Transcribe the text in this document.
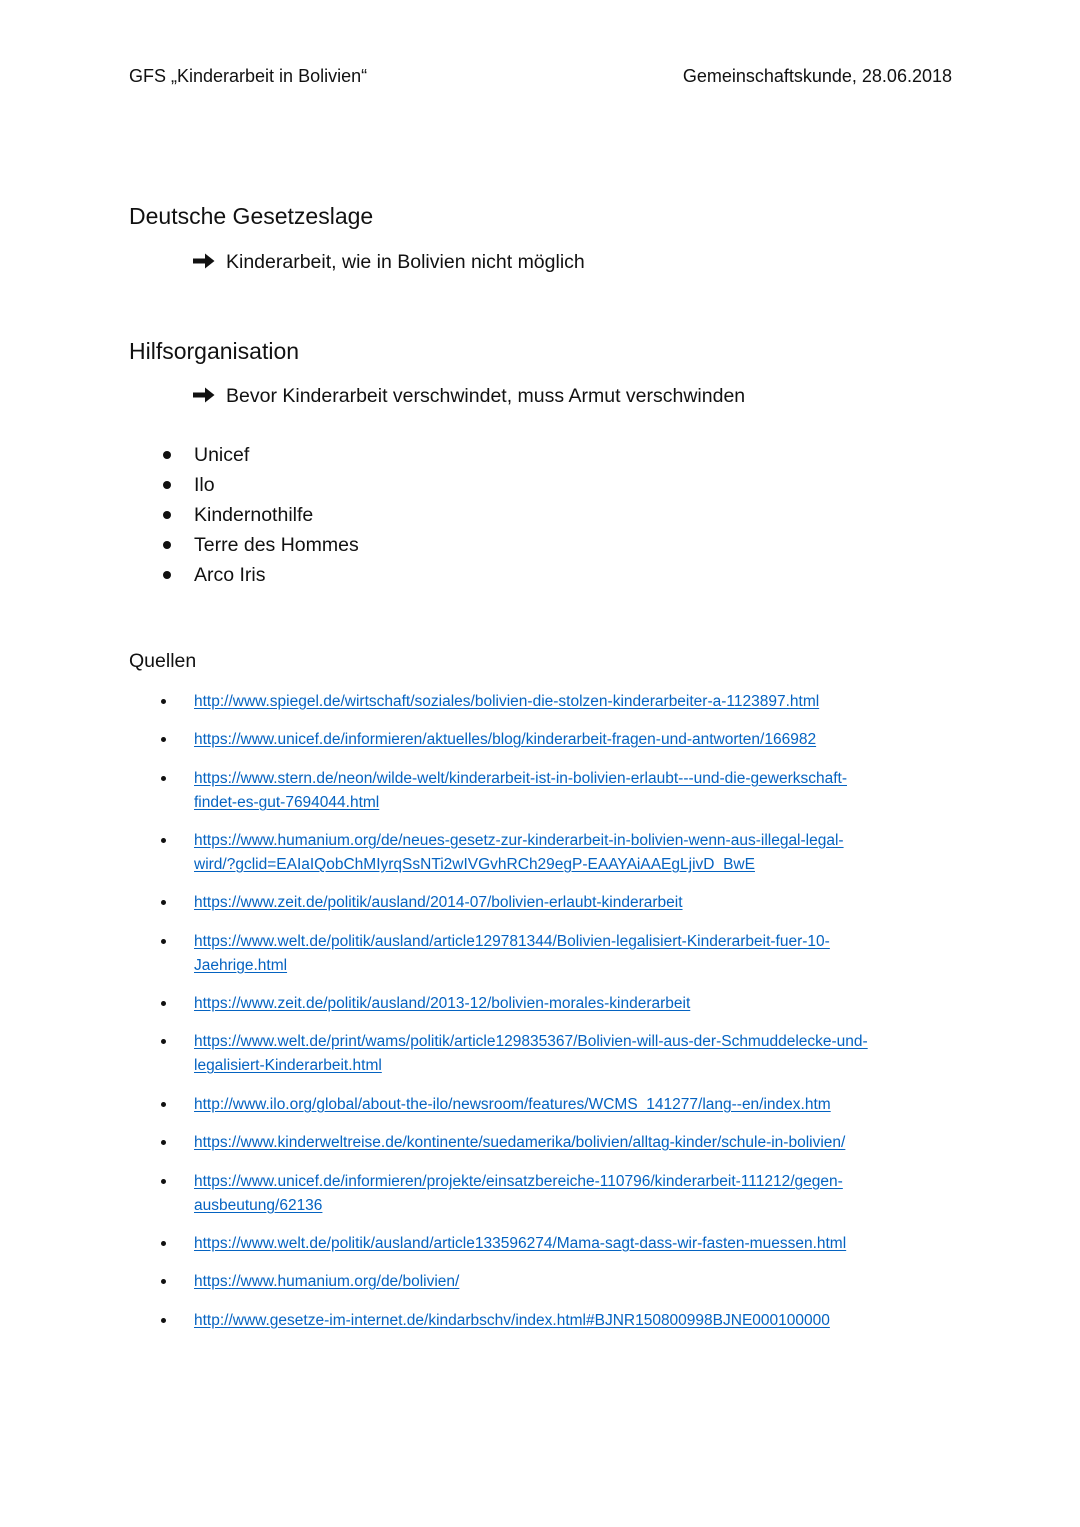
GFS „Kinderarbeit in Bolivien“	Gemeinschaftskunde, 28.06.2018
Deutsche Gesetzeslage
Kinderarbeit, wie in Bolivien nicht möglich
Hilfsorganisation
Bevor Kinderarbeit verschwindet, muss Armut verschwinden
Unicef
Ilo
Kindernothilfe
Terre des Hommes
Arco Iris
Quellen
http://www.spiegel.de/wirtschaft/soziales/bolivien-die-stolzen-kinderarbeiter-a-1123897.html
https://www.unicef.de/informieren/aktuelles/blog/kinderarbeit-fragen-und-antworten/166982
https://www.stern.de/neon/wilde-welt/kinderarbeit-ist-in-bolivien-erlaubt---und-die-gewerkschaft-
findet-es-gut-7694044.html
https://www.humanium.org/de/neues-gesetz-zur-kinderarbeit-in-bolivien-wenn-aus-illegal-legal-
wird/?gclid=EAIaIQobChMIyrqSsNTi2wIVGvhRCh29egP-EAAYAiAAEgLjivD_BwE
https://www.zeit.de/politik/ausland/2014-07/bolivien-erlaubt-kinderarbeit
https://www.welt.de/politik/ausland/article129781344/Bolivien-legalisiert-Kinderarbeit-fuer-10-
Jaehrige.html
https://www.zeit.de/politik/ausland/2013-12/bolivien-morales-kinderarbeit
https://www.welt.de/print/wams/politik/article129835367/Bolivien-will-aus-der-Schmuddelecke-und-
legalisiert-Kinderarbeit.html
http://www.ilo.org/global/about-the-ilo/newsroom/features/WCMS_141277/lang--en/index.htm
https://www.kinderweltreise.de/kontinente/suedamerika/bolivien/alltag-kinder/schule-in-bolivien/
https://www.unicef.de/informieren/projekte/einsatzbereiche-110796/kinderarbeit-111212/gegen-
ausbeutung/62136
https://www.welt.de/politik/ausland/article133596274/Mama-sagt-dass-wir-fasten-muessen.html
https://www.humanium.org/de/bolivien/
http://www.gesetze-im-internet.de/kindarbschv/index.html#BJNR150800998BJNE000100000
